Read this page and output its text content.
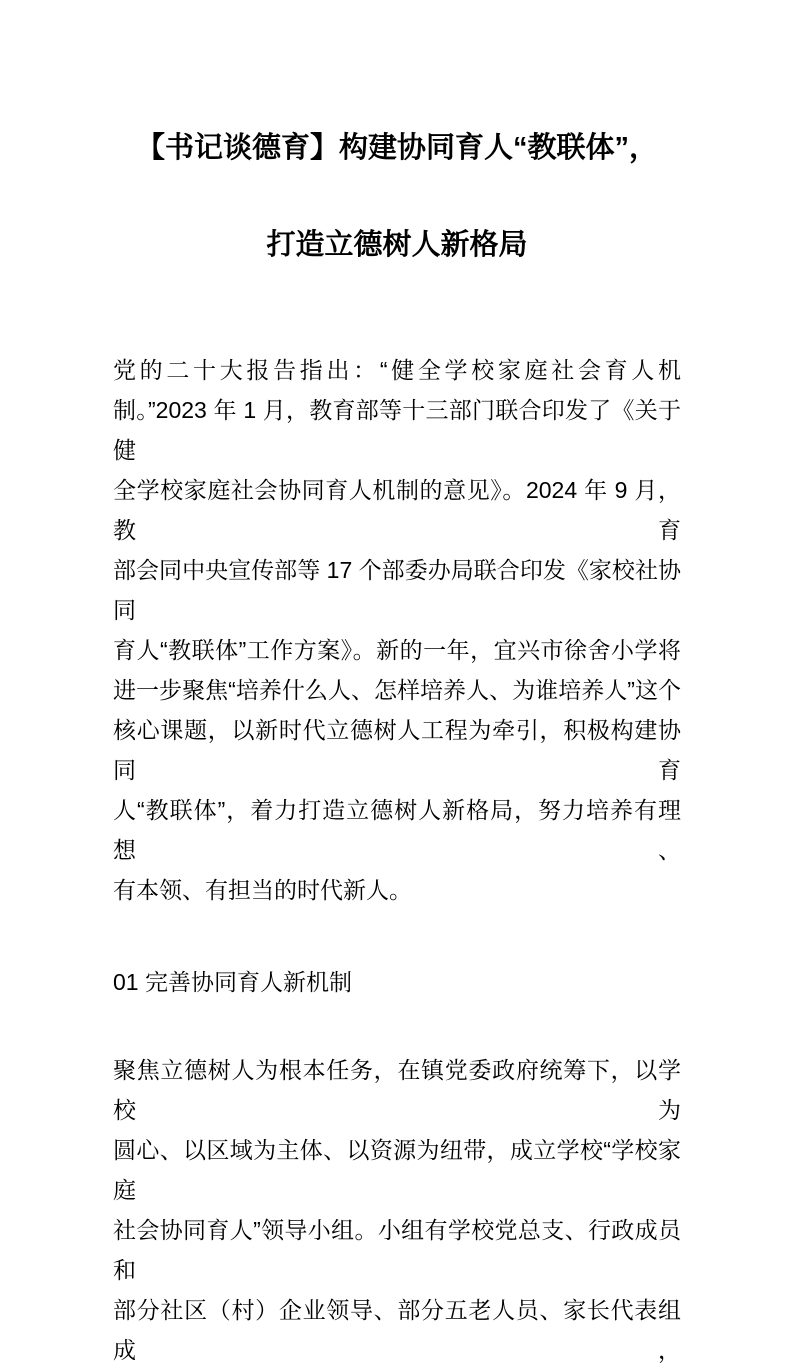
【书记谈德育】构建协同育人“教联体”，
打造立德树人新格局
党的二十大报告指出：“健全学校家庭社会育人机
制。”2023 年 1 月，教育部等十三部门联合印发了《关于健
全学校家庭社会协同育人机制的意见》。2024 年 9 月，教育
部会同中央宣传部等 17 个部委办局联合印发《家校社协同
育人“教联体”工作方案》。新的一年，宜兴市徐舍小学将
进一步聚焦“培养什么人、怎样培养人、为谁培养人”这个
核心课题，以新时代立德树人工程为牵引，积极构建协同育
人“教联体”，着力打造立德树人新格局，努力培养有理想、
有本领、有担当的时代新人。
01 完善协同育人新机制
聚焦立德树人为根本任务，在镇党委政府统筹下，以学校为
圆心、以区域为主体、以资源为纽带，成立学校“学校家庭
社会协同育人”领导小组。小组有学校党总支、行政成员和
部分社区（村）企业领导、部分五老人员、家长代表组成，
